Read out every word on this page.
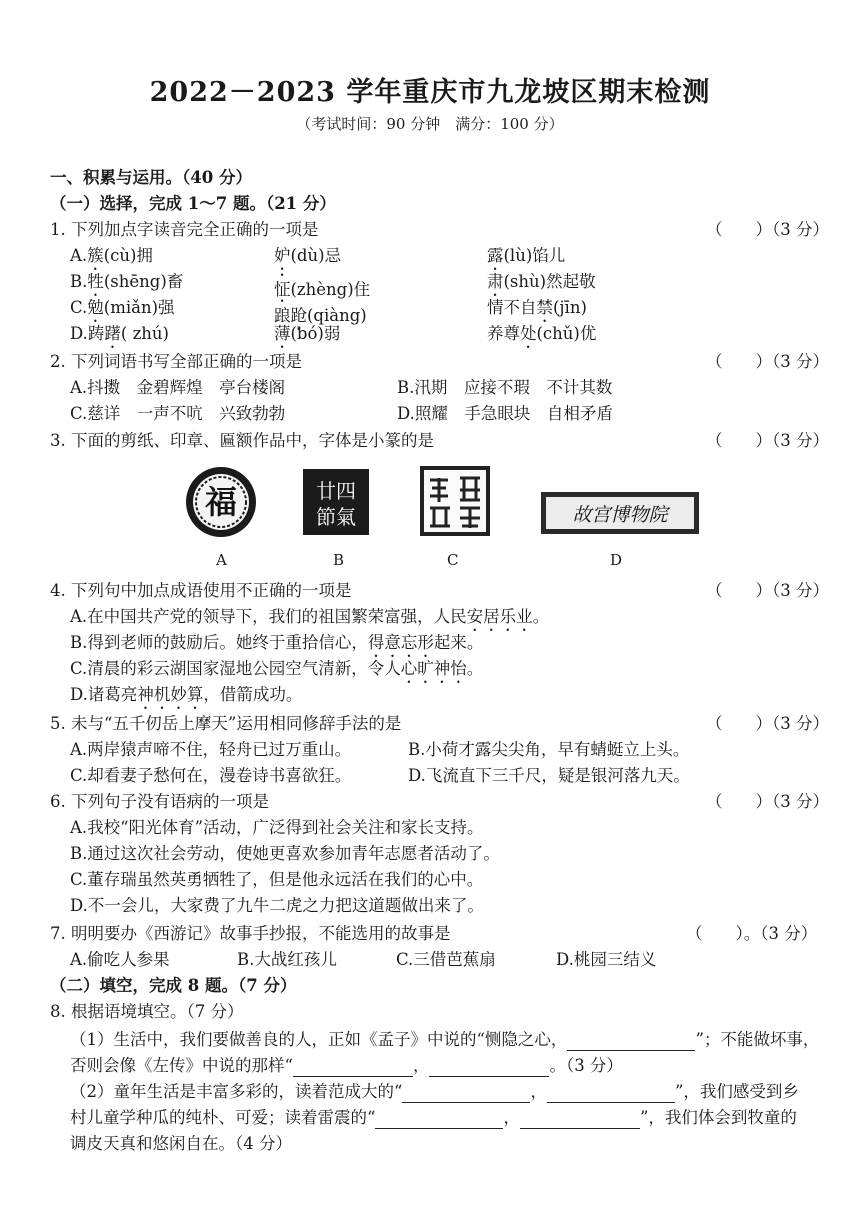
2022－2023 学年重庆市九龙坡区期末检测
（考试时间：90 分钟　满分：100 分）
一、积累与运用。（40 分）
（一）选择，完成 1～7 题。（21 分）
1. 下列加点字读音完全正确的一项是	（　　）（3 分）
A.簇(cù)拥	妒(dù)忌	露(lù)馅儿
B.牲(shēng)畜	怔(zhèng)住	肃(shù)然起敬
C.勉(miǎn)强	踉跄(qiàng)	情不自禁(jīn)
D.踌躇( zhú)	薄(bó)弱	养尊处(chǔ)优
2. 下列词语书写全部正确的一项是	（　　）（3 分）
A.抖擞　金碧辉煌　亭台楼阁	B.汛期　应接不瑕　不计其数
C.慈详　一声不吭　兴致勃勃	D.照耀　手急眼块　自相矛盾
3. 下面的剪纸、印章、匾额作品中，字体是小篆的是	（　　）（3 分）
福	廿四
節氣	故宫博物院
A	B	C	D
4. 下列句中加点成语使用不正确的一项是	（　　）（3 分）
A.在中国共产党的领导下，我们的祖国繁荣富强，人民安居乐业。
B.得到老师的鼓励后。她终于重拾信心，得意忘形起来。
C.清晨的彩云湖国家湿地公园空气清新，令人心旷神怡。
D.诸葛亮神机妙算，借箭成功。
5. 未与“五千仞岳上摩天”运用相同修辞手法的是	（　　）（3 分）
A.两岸猿声啼不住，轻舟已过万重山。	B.小荷才露尖尖角，早有蜻蜓立上头。
C.却看妻子愁何在，漫卷诗书喜欲狂。	D.飞流直下三千尺，疑是银河落九天。
6. 下列句子没有语病的一项是	（　　）（3 分）
A.我校“阳光体育”活动，广泛得到社会关注和家长支持。
B.通过这次社会劳动，使她更喜欢参加青年志愿者活动了。
C.董存瑞虽然英勇牺牲了，但是他永远活在我们的心中。
D.不一会儿，大家费了九牛二虎之力把这道题做出来了。
7. 明明要办《西游记》故事手抄报，不能选用的故事是	（　　）。（3 分）
A.偷吃人参果	B.大战红孩儿	C.三借芭蕉扇	D.桃园三结义
（二）填空，完成 8 题。（7 分）
8. 根据语境填空。（7 分）
（1）生活中，我们要做善良的人，正如《孟子》中说的“恻隐之心，	”；不能做坏事，
否则会像《左传》中说的那样“	，	。（3 分）
（2）童年生活是丰富多彩的，读着范成大的“	，	”，我们感受到乡
村儿童学种瓜的纯朴、可爱；读着雷震的“	，	”，我们体会到牧童的
调皮天真和悠闲自在。（4 分）
